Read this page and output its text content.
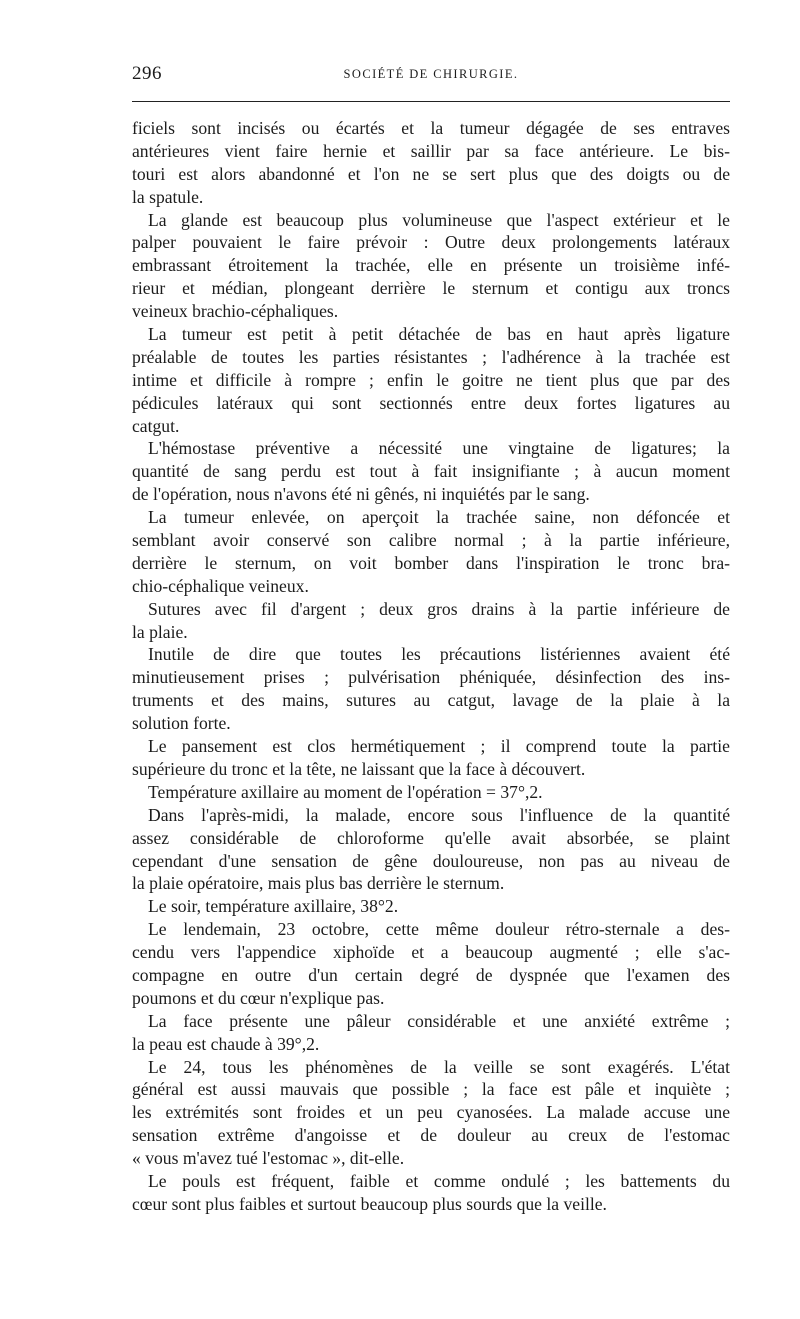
296	SOCIÉTÉ DE CHIRURGIE.
ficiels sont incisés ou écartés et la tumeur dégagée de ses entraves
antérieures vient faire hernie et saillir par sa face antérieure. Le bis-
touri est alors abandonné et l'on ne se sert plus que des doigts ou de
la spatule.
La glande est beaucoup plus volumineuse que l'aspect extérieur et le
palper pouvaient le faire prévoir : Outre deux prolongements latéraux
embrassant étroitement la trachée, elle en présente un troisième infé-
rieur et médian, plongeant derrière le sternum et contigu aux troncs
veineux brachio-céphaliques.
La tumeur est petit à petit détachée de bas en haut après ligature
préalable de toutes les parties résistantes ; l'adhérence à la trachée est
intime et difficile à rompre ; enfin le goitre ne tient plus que par des
pédicules latéraux qui sont sectionnés entre deux fortes ligatures au
catgut.
L'hémostase préventive a nécessité une vingtaine de ligatures; la
quantité de sang perdu est tout à fait insignifiante ; à aucun moment
de l'opération, nous n'avons été ni gênés, ni inquiétés par le sang.
La tumeur enlevée, on aperçoit la trachée saine, non défoncée et
semblant avoir conservé son calibre normal ; à la partie inférieure,
derrière le sternum, on voit bomber dans l'inspiration le tronc bra-
chio-céphalique veineux.
Sutures avec fil d'argent ; deux gros drains à la partie inférieure de
la plaie.
Inutile de dire que toutes les précautions listériennes avaient été
minutieusement prises ; pulvérisation phéniquée, désinfection des ins-
truments et des mains, sutures au catgut, lavage de la plaie à la
solution forte.
Le pansement est clos hermétiquement ; il comprend toute la partie
supérieure du tronc et la tête, ne laissant que la face à découvert.
Température axillaire au moment de l'opération = 37°,2.
Dans l'après-midi, la malade, encore sous l'influence de la quantité
assez considérable de chloroforme qu'elle avait absorbée, se plaint
cependant d'une sensation de gêne douloureuse, non pas au niveau de
la plaie opératoire, mais plus bas derrière le sternum.
Le soir, température axillaire, 38°2.
Le lendemain, 23 octobre, cette même douleur rétro-sternale a des-
cendu vers l'appendice xiphoïde et a beaucoup augmenté ; elle s'ac-
compagne en outre d'un certain degré de dyspnée que l'examen des
poumons et du cœur n'explique pas.
La face présente une pâleur considérable et une anxiété extrême ;
la peau est chaude à 39°,2.
Le 24, tous les phénomènes de la veille se sont exagérés. L'état
général est aussi mauvais que possible ; la face est pâle et inquiète ;
les extrémités sont froides et un peu cyanosées. La malade accuse une
sensation extrême d'angoisse et de douleur au creux de l'estomac
« vous m'avez tué l'estomac », dit-elle.
Le pouls est fréquent, faible et comme ondulé ; les battements du
cœur sont plus faibles et surtout beaucoup plus sourds que la veille.
